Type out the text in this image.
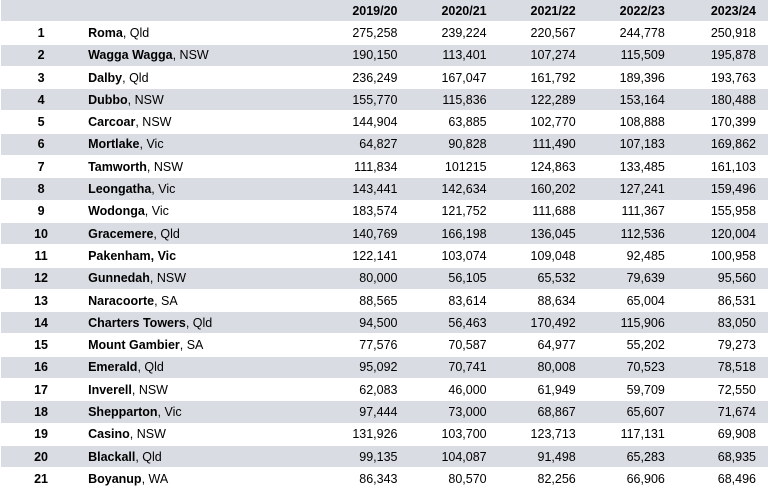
		2019/20	2020/21	2021/22	2022/23	2023/24
1	Roma, Qld	275,258	239,224	220,567	244,778	250,918
2	Wagga Wagga, NSW	190,150	113,401	107,274	115,509	195,878
3	Dalby, Qld	236,249	167,047	161,792	189,396	193,763
4	Dubbo, NSW	155,770	115,836	122,289	153,164	180,488
5	Carcoar, NSW	144,904	63,885	102,770	108,888	170,399
6	Mortlake, Vic	64,827	90,828	111,490	107,183	169,862
7	Tamworth, NSW	111,834	101215	124,863	133,485	161,103
8	Leongatha, Vic	143,441	142,634	160,202	127,241	159,496
9	Wodonga, Vic	183,574	121,752	111,688	111,367	155,958
10	Gracemere, Qld	140,769	166,198	136,045	112,536	120,004
11	Pakenham, Vic	122,141	103,074	109,048	92,485	100,958
12	Gunnedah, NSW	80,000	56,105	65,532	79,639	95,560
13	Naracoorte, SA	88,565	83,614	88,634	65,004	86,531
14	Charters Towers, Qld	94,500	56,463	170,492	115,906	83,050
15	Mount Gambier, SA	77,576	70,587	64,977	55,202	79,273
16	Emerald, Qld	95,092	70,741	80,008	70,523	78,518
17	Inverell, NSW	62,083	46,000	61,949	59,709	72,550
18	Shepparton, Vic	97,444	73,000	68,867	65,607	71,674
19	Casino, NSW	131,926	103,700	123,713	117,131	69,908
20	Blackall, Qld	99,135	104,087	91,498	65,283	68,935
21	Boyanup, WA	86,343	80,570	82,256	66,906	68,496
